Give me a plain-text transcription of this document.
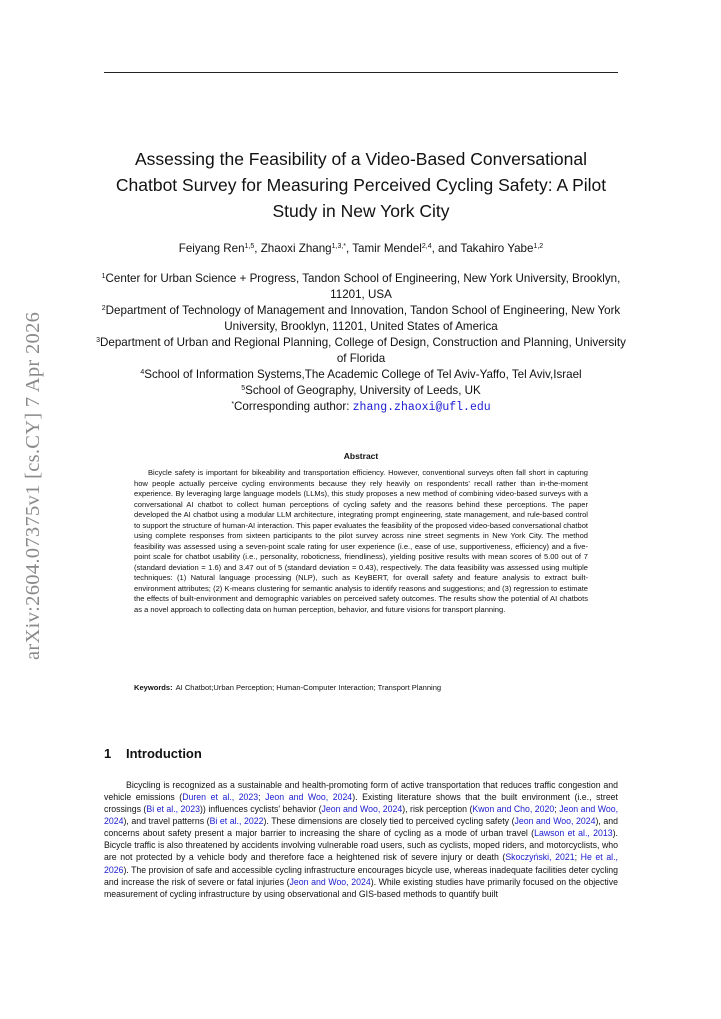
arXiv:2604.07375v1 [cs.CY] 7 Apr 2026
Assessing the Feasibility of a Video-Based Conversational Chatbot Survey for Measuring Perceived Cycling Safety: A Pilot Study in New York City
Feiyang Ren$^{1,5}$, Zhaoxi Zhang$^{1,3,*}$, Tamir Mendel$^{2,4}$, and Takahiro Yabe$^{1,2}$
$^1$Center for Urban Science + Progress, Tandon School of Engineering, New York University, Brooklyn, 11201, USA
$^2$Department of Technology of Management and Innovation, Tandon School of Engineering, New York University, Brooklyn, 11201, United States of America
$^3$Department of Urban and Regional Planning, College of Design, Construction and Planning, University of Florida
$^4$School of Information Systems,The Academic College of Tel Aviv-Yaffo, Tel Aviv,Israel
$^5$School of Geography, University of Leeds, UK
*Corresponding author: zhang.zhaoxi@ufl.edu
Abstract
Bicycle safety is important for bikeability and transportation efficiency. However, conventional surveys often fall short in capturing how people actually perceive cycling environments because they rely heavily on respondents' recall rather than in-the-moment experience. By leveraging large language models (LLMs), this study proposes a new method of combining video-based surveys with a conversational AI chatbot to collect human perceptions of cycling safety and the reasons behind these perceptions. The paper developed the AI chatbot using a modular LLM architecture, integrating prompt engineering, state management, and rule-based control to support the structure of human-AI interaction. This paper evaluates the feasibility of the proposed video-based conversational chatbot using complete responses from sixteen participants to the pilot survey across nine street segments in New York City. The method feasibility was assessed using a seven-point scale rating for user experience (i.e., ease of use, supportiveness, efficiency) and a five-point scale for chatbot usability (i.e., personality, roboticness, friendliness), yielding positive results with mean scores of 5.00 out of 7 (standard deviation = 1.6) and 3.47 out of 5 (standard deviation = 0.43), respectively. The data feasibility was assessed using multiple techniques: (1) Natural language processing (NLP), such as KeyBERT, for overall safety and feature analysis to extract built-environment attributes; (2) K-means clustering for semantic analysis to identify reasons and suggestions; and (3) regression to estimate the effects of built-environment and demographic variables on perceived safety outcomes. The results show the potential of AI chatbots as a novel approach to collecting data on human perception, behavior, and future visions for transport planning.
Keywords: AI Chatbot;Urban Perception; Human-Computer Interaction; Transport Planning
1 Introduction
Bicycling is recognized as a sustainable and health-promoting form of active transportation that reduces traffic congestion and vehicle emissions (Duren et al., 2023; Jeon and Woo, 2024). Existing literature shows that the built environment (i.e., street crossings (Bi et al., 2023)) influences cyclists' behavior (Jeon and Woo, 2024), risk perception (Kwon and Cho, 2020; Jeon and Woo, 2024), and travel patterns (Bi et al., 2022). These dimensions are closely tied to perceived cycling safety (Jeon and Woo, 2024), and concerns about safety present a major barrier to increasing the share of cycling as a mode of urban travel (Lawson et al., 2013). Bicycle traffic is also threatened by accidents involving vulnerable road users, such as cyclists, moped riders, and motorcyclists, who are not protected by a vehicle body and therefore face a heightened risk of severe injury or death (Skoczyński, 2021; He et al., 2026). The provision of safe and accessible cycling infrastructure encourages bicycle use, whereas inadequate facilities deter cycling and increase the risk of severe or fatal injuries (Jeon and Woo, 2024). While existing studies have primarily focused on the objective measurement of cycling infrastructure by using observational and GIS-based methods to quantify built
